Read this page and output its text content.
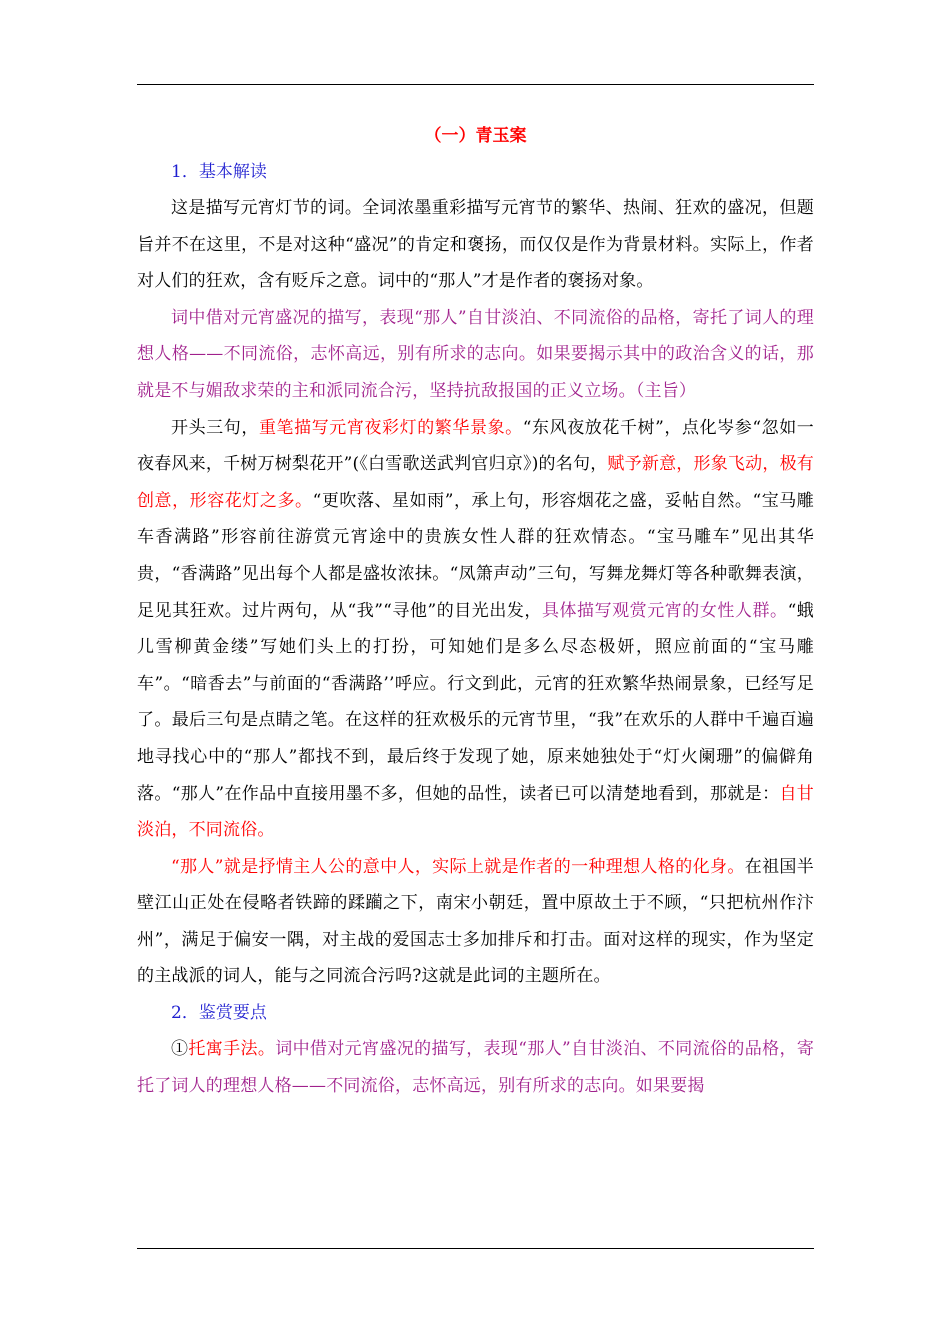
（一）青玉案
1．基本解读

这是描写元宵灯节的词。全词浓墨重彩描写元宵节的繁华、热闹、狂欢的盛况，但题旨并不在这里，不是对这种“盛况”的肯定和褒扬，而仅仅是作为背景材料。实际上，作者对人们的狂欢，含有贬斥之意。词中的“那人”才是作者的褒扬对象。

词中借对元宵盛况的描写，表现“那人”自甘淡泊、不同流俗的品格，寄托了词人的理想人格——不同流俗，志怀高远，别有所求的志向。如果要揭示其中的政治含义的话，那就是不与媚敌求荣的主和派同流合污，坚持抗敌报国的正义立场。（主旨）

开头三句，重笔描写元宵夜彩灯的繁华景象。“东风夜放花千树”，点化岑参“忽如一夜春风来，千树万树梨花开”(《白雪歌送武判官归京》)的名句，赋予新意，形象飞动，极有创意，形容花灯之多。“更吹落、星如雨”，承上句，形容烟花之盛，妥帖自然。“宝马雕车香满路”形容前往游赏元宵途中的贵族女性人群的狂欢情态。“宝马雕车”见出其华贵，“香满路”见出每个人都是盛妆浓抹。“凤箫声动”三句，写舞龙舞灯等各种歌舞表演，足见其狂欢。过片两句，从“我”“寻他”的目光出发，具体描写观赏元宵的女性人群。“蛾儿雪柳黄金缕”写她们头上的打扮，可知她们是多么尽态极妍，照应前面的“宝马雕车”。“暗香去”与前面的“香满路’’呼应。行文到此，元宵的狂欢繁华热闹景象，已经写足了。最后三句是点睛之笔。在这样的狂欢极乐的元宵节里，“我”在欢乐的人群中千遍百遍地寻找心中的“那人”都找不到，最后终于发现了她，原来她独处于“灯火阑珊”的偏僻角落。“那人”在作品中直接用墨不多，但她的品性，读者已可以清楚地看到，那就是：自甘淡泊，不同流俗。

“那人”就是抒情主人公的意中人，实际上就是作者的一种理想人格的化身。在祖国半壁江山正处在侵略者铁蹄的蹂躏之下，南宋小朝廷，置中原故土于不顾，“只把杭州作汴州”，满足于偏安一隅，对主战的爱国志士多加排斥和打击。面对这样的现实，作为坚定的主战派的词人，能与之同流合污吗?这就是此词的主题所在。

2．鉴赏要点

①托寓手法。词中借对元宵盛况的描写，表现“那人”自甘淡泊、不同流俗的品格，寄托了词人的理想人格——不同流俗，志怀高远，别有所求的志向。如果要揭
